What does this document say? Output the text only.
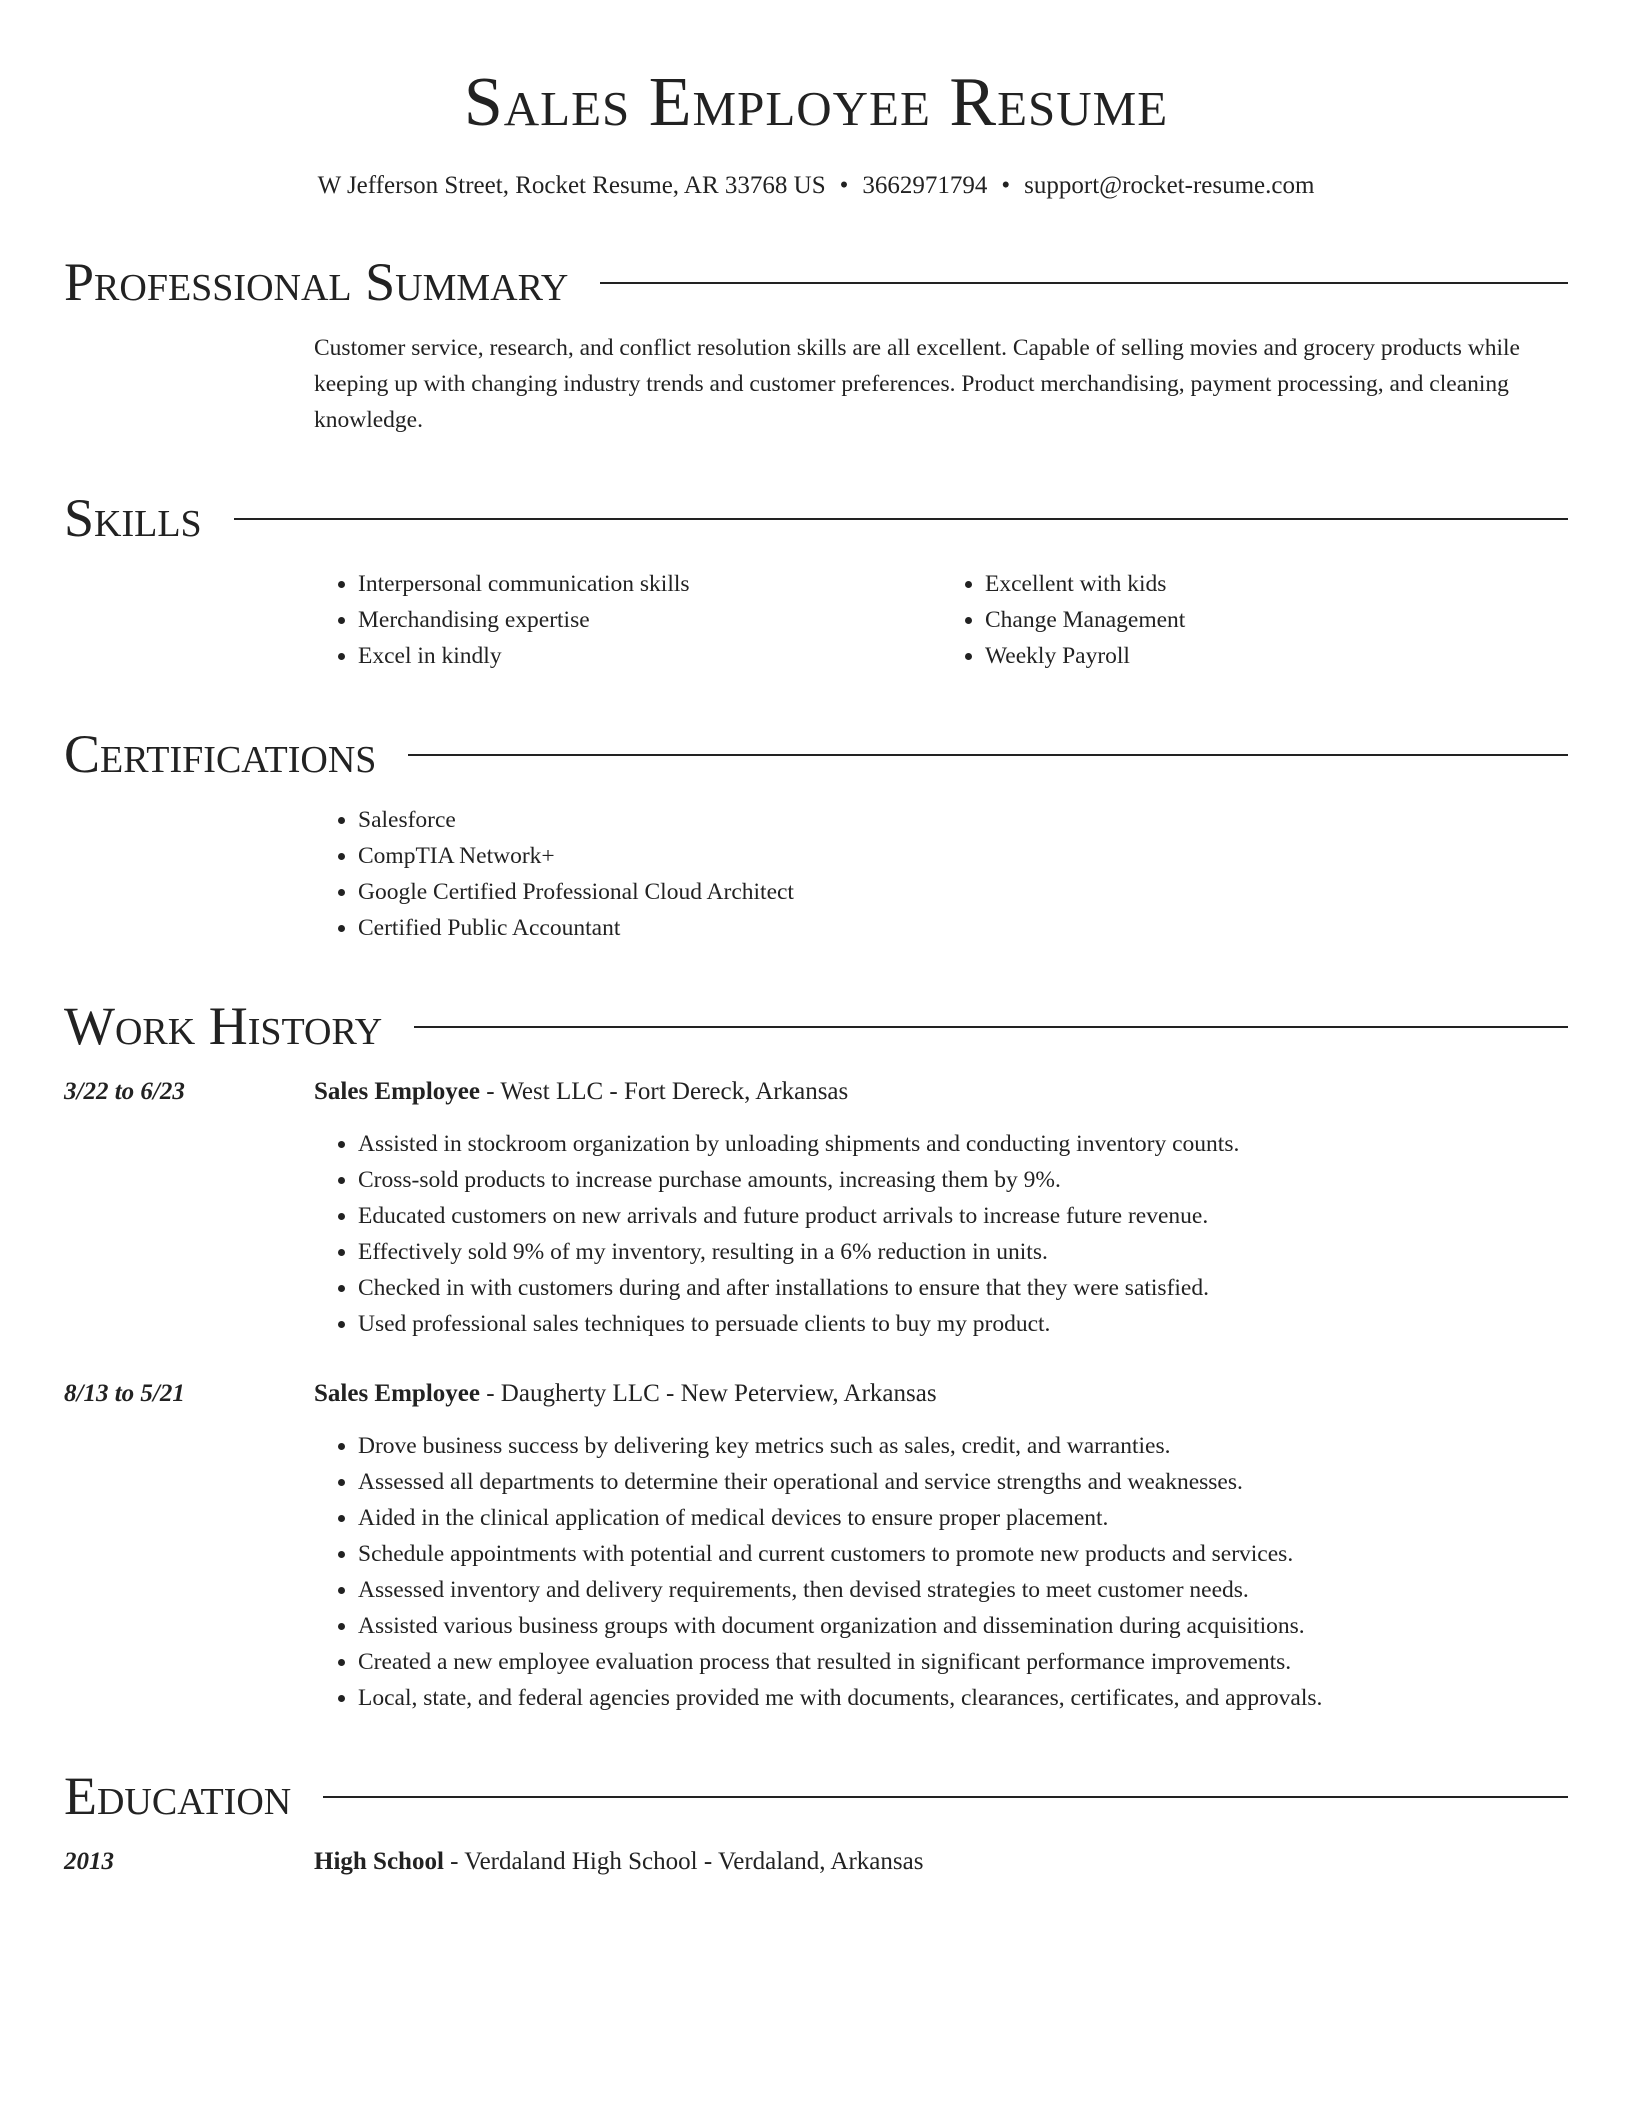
Sales Employee Resume
W Jefferson Street, Rocket Resume, AR 33768 US • 3662971794 • support@rocket-resume.com
Professional Summary
Customer service, research, and conflict resolution skills are all excellent. Capable of selling movies and grocery products while keeping up with changing industry trends and customer preferences. Product merchandising, payment processing, and cleaning knowledge.
Skills
• Interpersonal communication skills
• Merchandising expertise
• Excel in kindly
• Excellent with kids
• Change Management
• Weekly Payroll
Certifications
• Salesforce
• CompTIA Network+
• Google Certified Professional Cloud Architect
• Certified Public Accountant
Work History
3/22 to 6/23	Sales Employee - West LLC - Fort Dereck, Arkansas
• Assisted in stockroom organization by unloading shipments and conducting inventory counts.
• Cross-sold products to increase purchase amounts, increasing them by 9%.
• Educated customers on new arrivals and future product arrivals to increase future revenue.
• Effectively sold 9% of my inventory, resulting in a 6% reduction in units.
• Checked in with customers during and after installations to ensure that they were satisfied.
• Used professional sales techniques to persuade clients to buy my product.
8/13 to 5/21	Sales Employee - Daugherty LLC - New Peterview, Arkansas
• Drove business success by delivering key metrics such as sales, credit, and warranties.
• Assessed all departments to determine their operational and service strengths and weaknesses.
• Aided in the clinical application of medical devices to ensure proper placement.
• Schedule appointments with potential and current customers to promote new products and services.
• Assessed inventory and delivery requirements, then devised strategies to meet customer needs.
• Assisted various business groups with document organization and dissemination during acquisitions.
• Created a new employee evaluation process that resulted in significant performance improvements.
• Local, state, and federal agencies provided me with documents, clearances, certificates, and approvals.
Education
2013	High School - Verdaland High School - Verdaland, Arkansas
